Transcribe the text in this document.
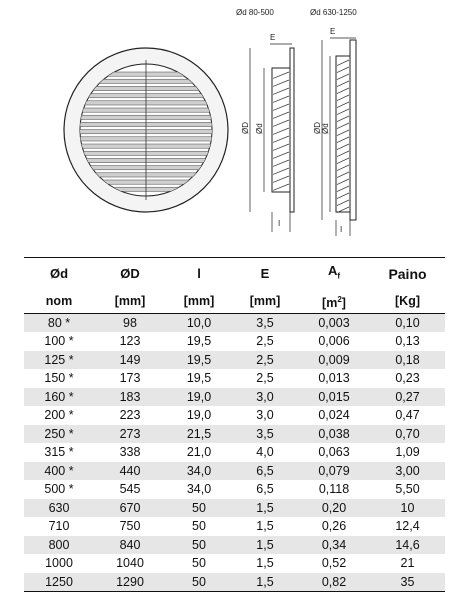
Ød 80-500
E
ØD Ød
I
Ød 630-1250
E
ØD Ød
I
Ød	ØD	l	E	$A_f$	Paino
nom	[mm]	[mm]	[mm]	$[m^2]$	[Kg]
80 *	98	10,0	3,5	0,003	0,10
100 *	123	19,5	2,5	0,006	0,13
125 *	149	19,5	2,5	0,009	0,18
150 *	173	19,5	2,5	0,013	0,23
160 *	183	19,0	3,0	0,015	0,27
200 *	223	19,0	3,0	0,024	0,47
250 *	273	21,5	3,5	0,038	0,70
315 *	338	21,0	4,0	0,063	1,09
400 *	440	34,0	6,5	0,079	3,00
500 *	545	34,0	6,5	0,118	5,50
630	670	50	1,5	0,20	10
710	750	50	1,5	0,26	12,4
800	840	50	1,5	0,34	14,6
1000	1040	50	1,5	0,52	21
1250	1290	50	1,5	0,82	35
